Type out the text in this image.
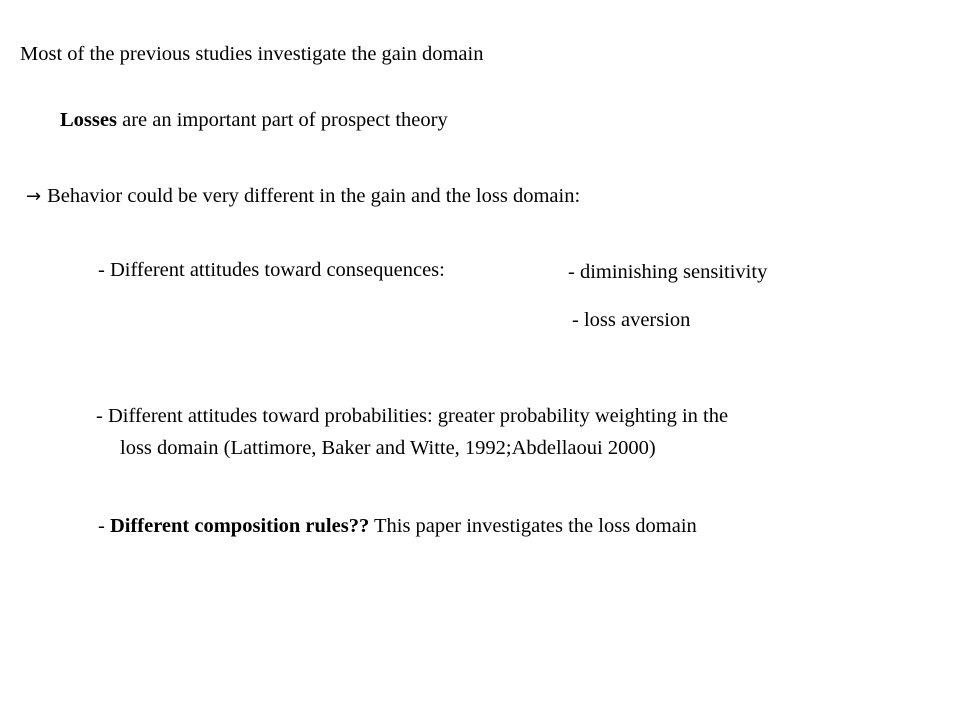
Most of the previous studies investigate the gain domain
Losses are an important part of prospect theory
→ Behavior could be very different in the gain and the loss domain:
- Different attitudes toward consequences:	- diminishing sensitivity
- loss aversion
- Different attitudes toward probabilities: greater probability weighting in the
loss domain (Lattimore, Baker and Witte, 1992;Abdellaoui 2000)
- Different composition rules?? This paper investigates the loss domain
